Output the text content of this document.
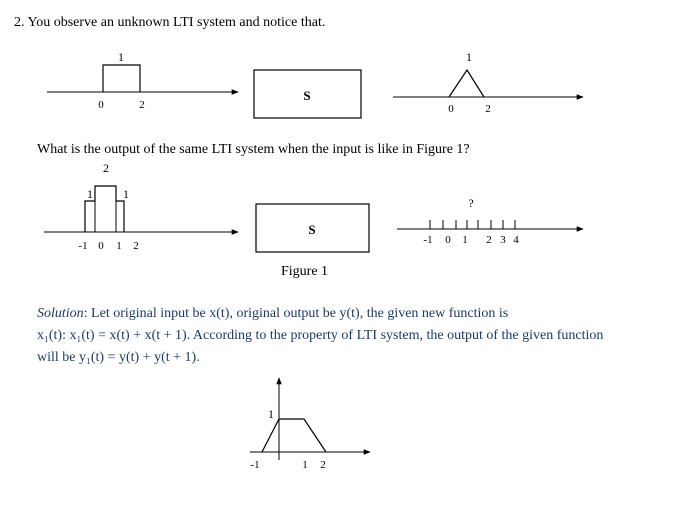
2. You observe an unknown LTI system and notice that.
1
0	2
S
1
0	2
1
2
1
-1 0 1 2
S
?
-1 0 1 2 3 4
1
-1	1 2
What is the output of the same LTI system when the input is like in Figure 1?
Figure 1
Solution: Let original input be x(t), original output be y(t), the given new function is
x₁(t): x₁(t) = x(t) + x(t + 1). According to the property of LTI system, the output of the given function
will be y₁(t) = y(t) + y(t + 1).
